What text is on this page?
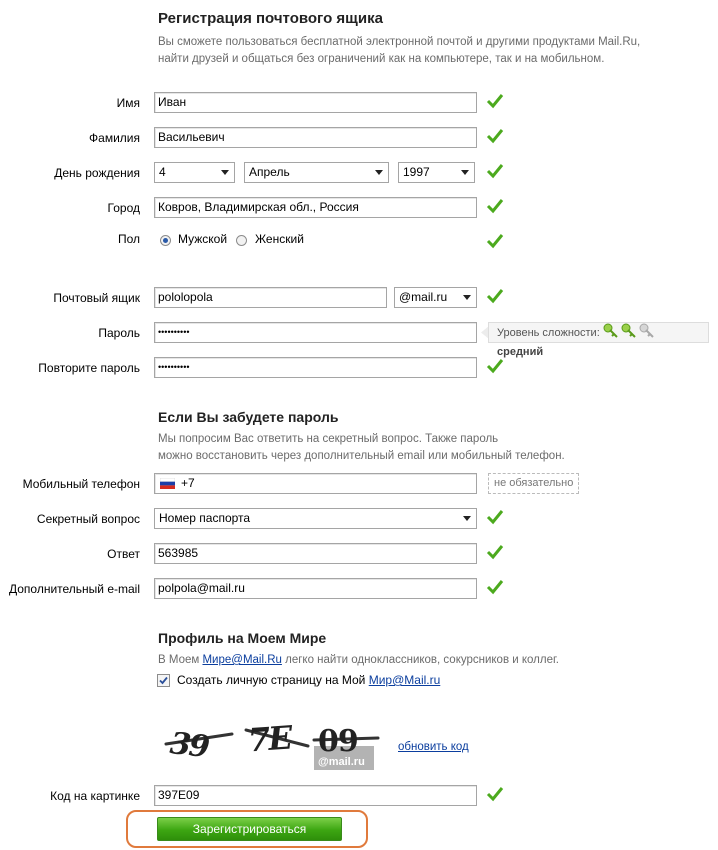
Регистрация почтового ящика
Вы сможете пользоваться бесплатной электронной почтой и другими продуктами Mail.Ru,
найти друзей и общаться без ограничений как на компьютере, так и на мобильном.
Имя	Иван
Фамилия	Васильевич
День рождения	4	Апрель	1997
Город	Ковров, Владимирская обл., Россия
Пол	Мужской Женский
Почтовый ящик	pololopola	@mail.ru
Пароль	••••••••••	Уровень сложности:  средний
Повторите пароль	••••••••••
Если Вы забудете пароль
Мы попросим Вас ответить на секретный вопрос. Также пароль
можно восстановить через дополнительный email или мобильный телефон.
Мобильный телефон	+7	не обязательно
Секретный вопрос	Номер паспорта
Ответ	563985
Дополнительный e-mail	polpola@mail.ru
Профиль на Моем Мире
В Моем Мире@Mail.Ru легко найти одноклассников, сокурсников и коллег.
Создать личную страницу на Мой Мир@Mail.ru
39 7E 09
@mail.ru
обновить код
Код на картинке	397E09
Зарегистрироваться
